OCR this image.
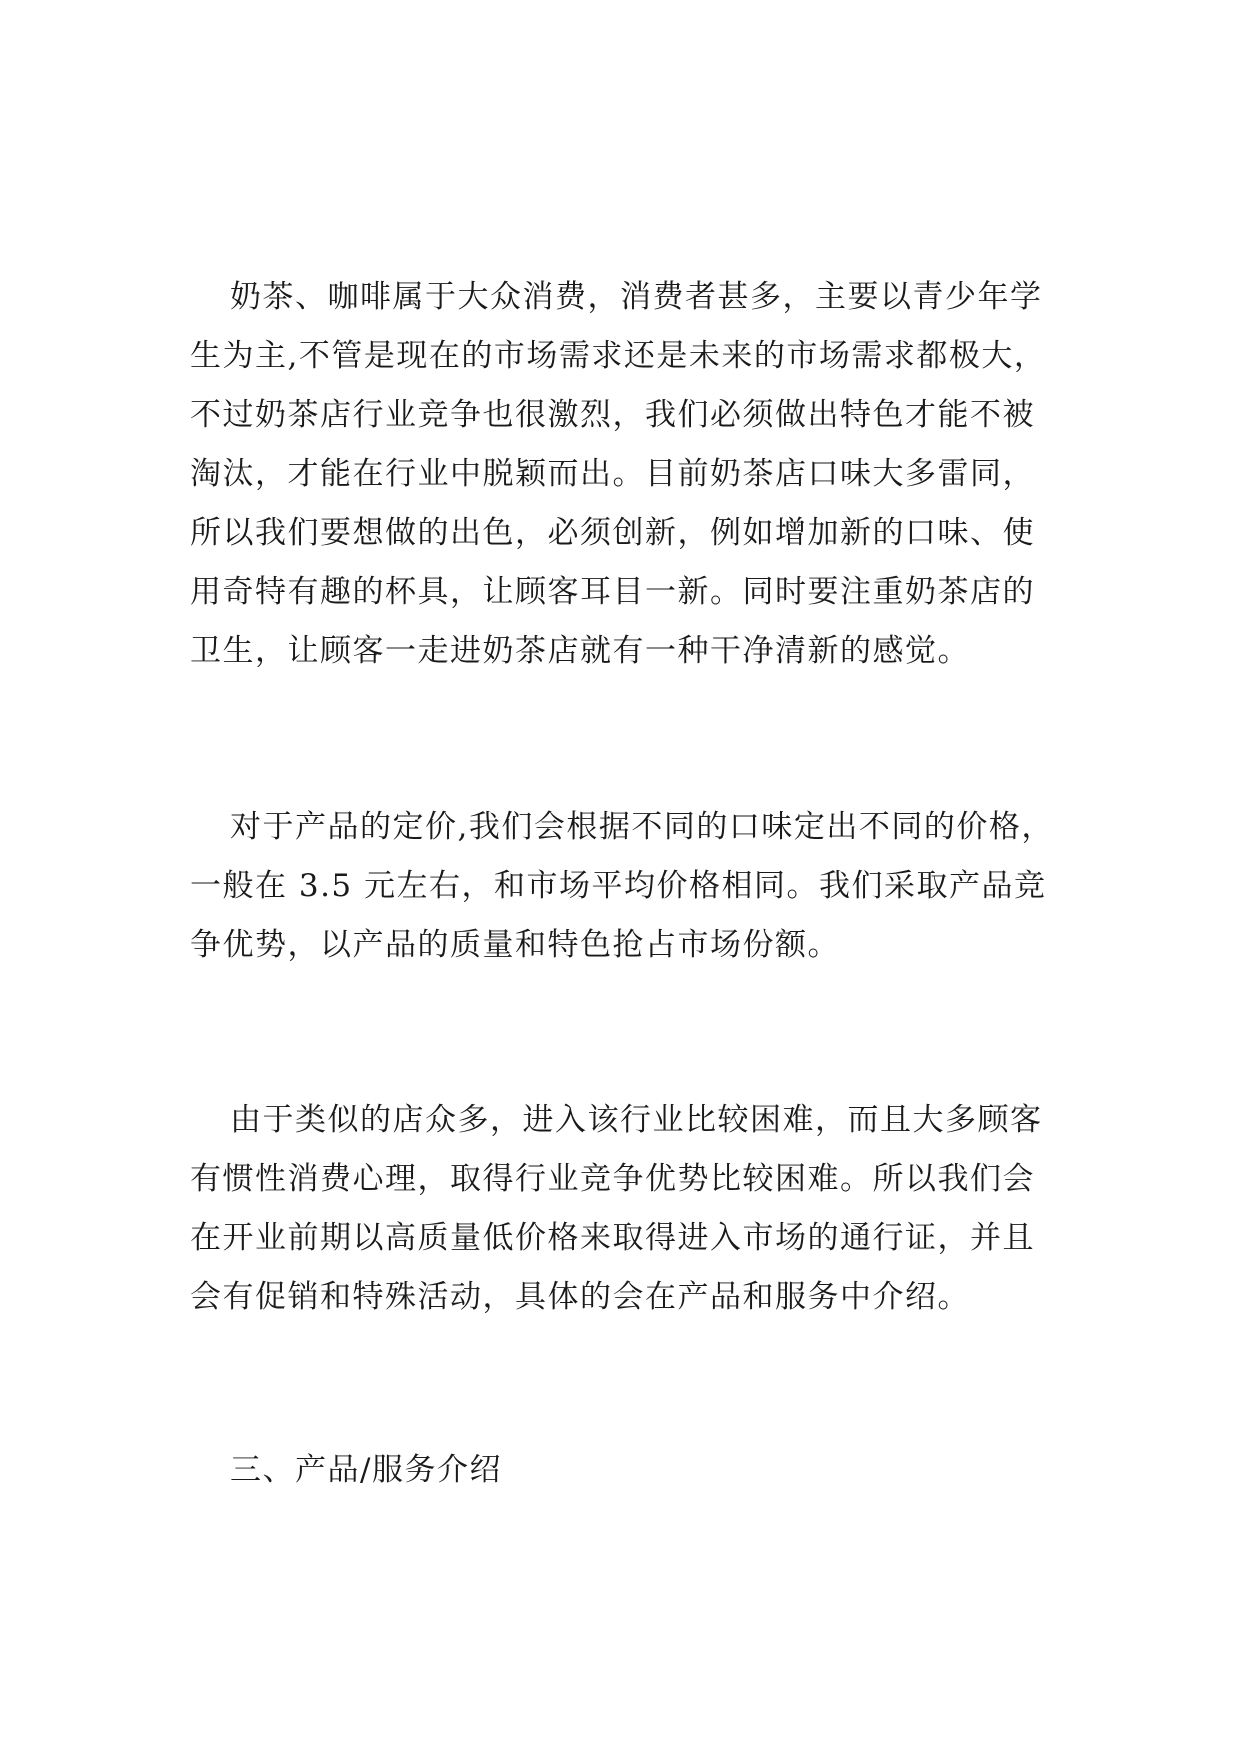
奶茶、咖啡属于大众消费，消费者甚多，主要以青少年学
生为主,不管是现在的市场需求还是未来的市场需求都极大，
不过奶茶店行业竞争也很激烈，我们必须做出特色才能不被
淘汰，才能在行业中脱颖而出。目前奶茶店口味大多雷同，
所以我们要想做的出色，必须创新，例如增加新的口味、使
用奇特有趣的杯具，让顾客耳目一新。同时要注重奶茶店的
卫生，让顾客一走进奶茶店就有一种干净清新的感觉。
对于产品的定价,我们会根据不同的口味定出不同的价格，
一般在 3.5 元左右，和市场平均价格相同。我们采取产品竞
争优势，以产品的质量和特色抢占市场份额。
由于类似的店众多，进入该行业比较困难，而且大多顾客
有惯性消费心理，取得行业竞争优势比较困难。所以我们会
在开业前期以高质量低价格来取得进入市场的通行证，并且
会有促销和特殊活动，具体的会在产品和服务中介绍。
三、产品/服务介绍
